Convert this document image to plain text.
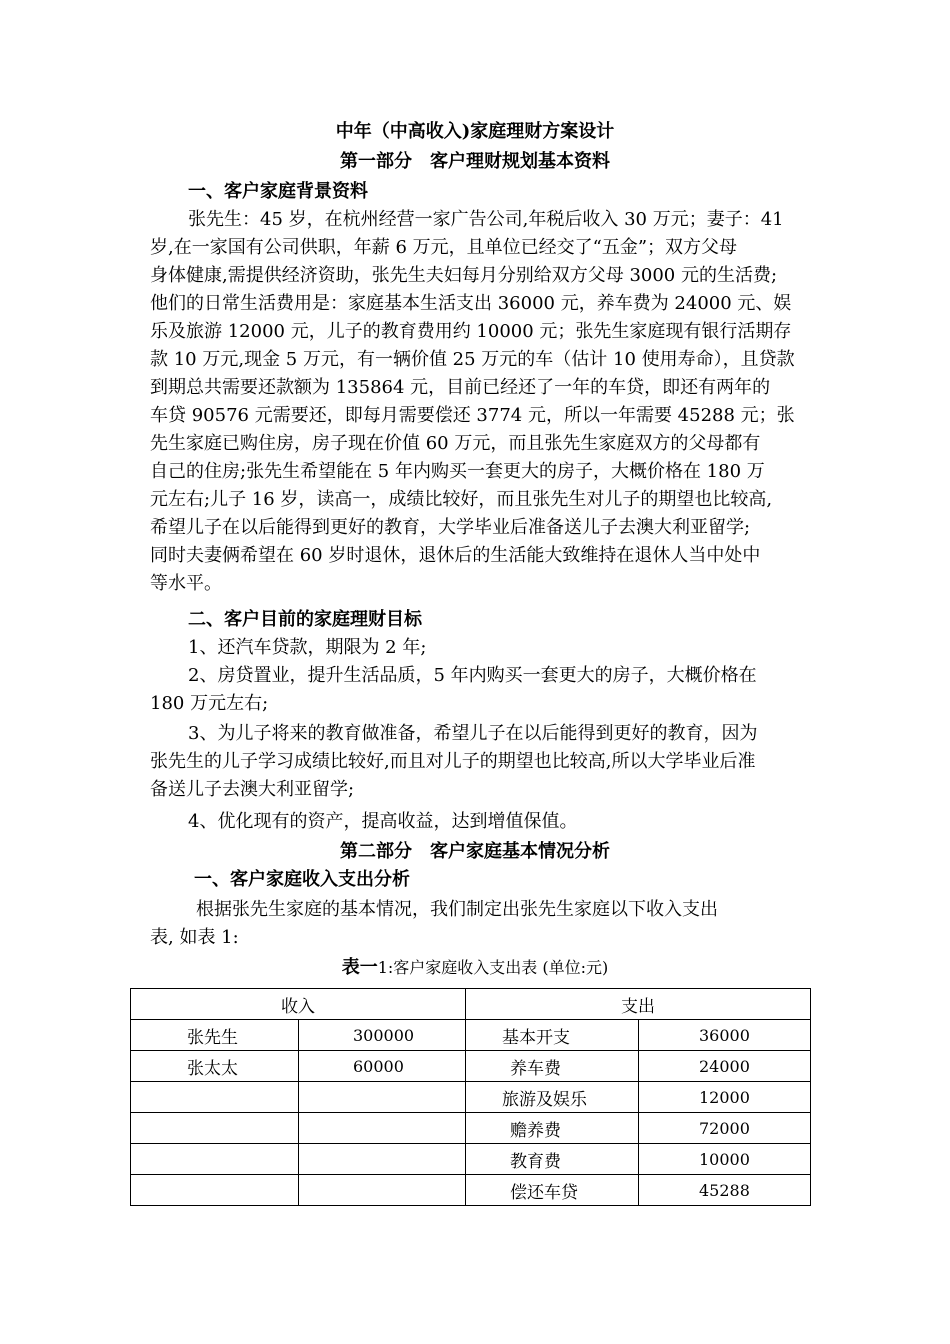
中年（中高收入)家庭理财方案设计
第一部分　客户理财规划基本资料
一、客户家庭背景资料
张先生：45 岁，在杭州经营一家广告公司,年税后收入 30 万元；妻子：41
岁,在一家国有公司供职，年薪 6 万元，且单位已经交了“五金”；双方父母
身体健康,需提供经济资助，张先生夫妇每月分别给双方父母 3000 元的生活费;
他们的日常生活费用是：家庭基本生活支出 36000 元，养车费为 24000 元、娱
乐及旅游 12000 元，儿子的教育费用约 10000 元；张先生家庭现有银行活期存
款 10 万元,现金 5 万元，有一辆价值 25 万元的车（估计 10 使用寿命），且贷款
到期总共需要还款额为 135864 元，目前已经还了一年的车贷，即还有两年的
车贷 90576 元需要还，即每月需要偿还 3774 元，所以一年需要 45288 元；张
先生家庭已购住房，房子现在价值 60 万元，而且张先生家庭双方的父母都有
自己的住房;张先生希望能在 5 年内购买一套更大的房子，大概价格在 180 万
元左右;儿子 16 岁，读高一，成绩比较好，而且张先生对儿子的期望也比较高,
希望儿子在以后能得到更好的教育，大学毕业后准备送儿子去澳大利亚留学;
同时夫妻俩希望在 60 岁时退休，退休后的生活能大致维持在退休人当中处中
等水平。
二、客户目前的家庭理财目标
1、还汽车贷款，期限为 2 年;
2、房贷置业，提升生活品质，5 年内购买一套更大的房子，大概价格在
180 万元左右;
3、为儿子将来的教育做准备，希望儿子在以后能得到更好的教育，因为
张先生的儿子学习成绩比较好,而且对儿子的期望也比较高,所以大学毕业后准
备送儿子去澳大利亚留学;
4、优化现有的资产，提高收益，达到增值保值。
第二部分　客户家庭基本情况分析
一、客户家庭收入支出分析
根据张先生家庭的基本情况，我们制定出张先生家庭以下收入支出
表, 如表 1:
表一1:客户家庭收入支出表 (单位:元)
收入		支出	
张先生	300000	基本开支	36000
张太太	60000	养车费	24000
		旅游及娱乐	12000
		赡养费	72000
		教育费	10000
		偿还车贷	45288
